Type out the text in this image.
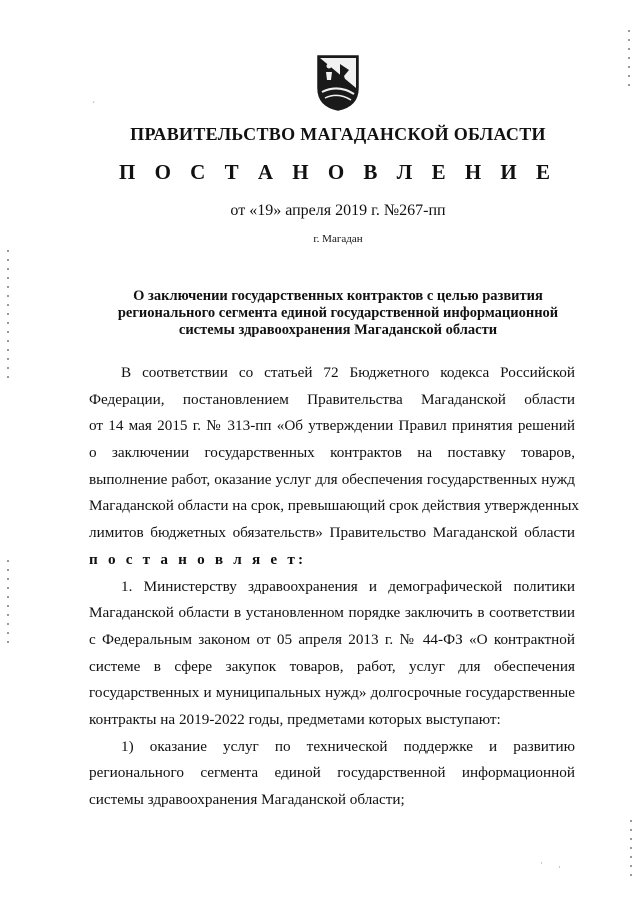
ПРАВИТЕЛЬСТВО МАГАДАНСКОЙ ОБЛАСТИ
П О С Т А Н О В Л Е Н И Е
от «19» апреля 2019 г. №267-пп
г. Магадан
О заключении государственных контрактов с целью развития
регионального сегмента единой государственной информационной
системы здравоохранения Магаданской области
В соответствии со статьей 72 Бюджетного кодекса Российской
Федерации, постановлением Правительства Магаданской области
от 14 мая 2015 г. № 313-пп «Об утверждении Правил принятия решений
о заключении государственных контрактов на поставку товаров,
выполнение работ, оказание услуг для обеспечения государственных нужд
Магаданской области на срок, превышающий срок действия утвержденных
лимитов бюджетных обязательств» Правительство Магаданской области
п о с т а н о в л я е т:
1. Министерству здравоохранения и демографической политики
Магаданской области в установленном порядке заключить в соответствии
с Федеральным законом от 05 апреля 2013 г. № 44-ФЗ «О контрактной
системе в сфере закупок товаров, работ, услуг для обеспечения
государственных и муниципальных нужд» долгосрочные государственные
контракты на 2019-2022 годы, предметами которых выступают:
1) оказание услуг по технической поддержке и развитию
регионального сегмента единой государственной информационной
системы здравоохранения Магаданской области;
´
· ·
